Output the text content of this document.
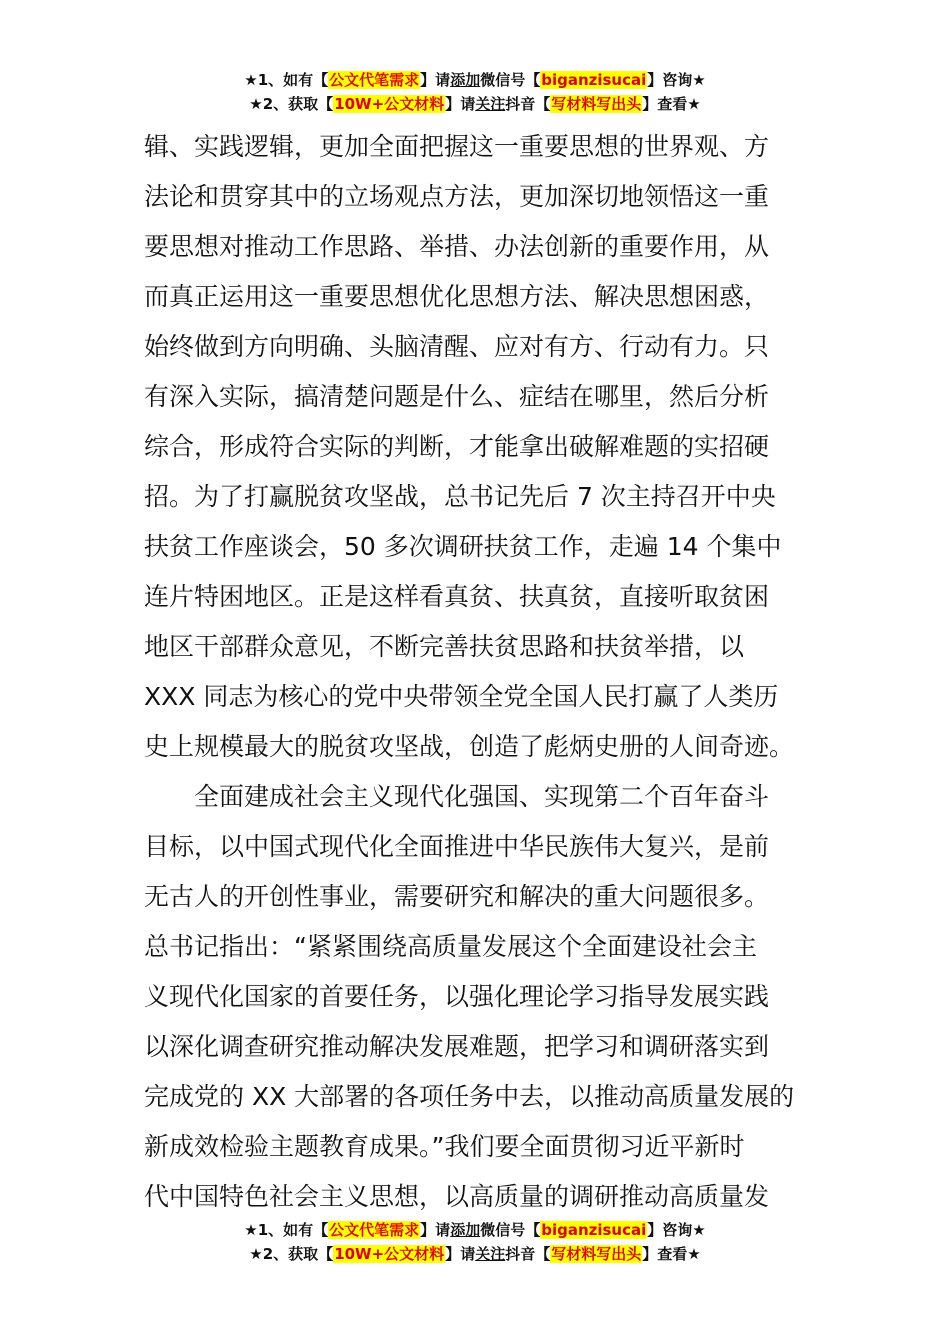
★1、如有【公文代笔需求】请添加微信号【biganzisucai】咨询★
★2、获取【10W+公文材料】请关注抖音【写材料写出头】查看★

辑、实践逻辑，更加全面把握这一重要思想的世界观、方
法论和贯穿其中的立场观点方法，更加深切地领悟这一重
要思想对推动工作思路、举措、办法创新的重要作用，从
而真正运用这一重要思想优化思想方法、解决思想困惑，
始终做到方向明确、头脑清醒、应对有方、行动有力。只
有深入实际，搞清楚问题是什么、症结在哪里，然后分析
综合，形成符合实际的判断，才能拿出破解难题的实招硬
招。为了打赢脱贫攻坚战，总书记先后 7 次主持召开中央
扶贫工作座谈会，50 多次调研扶贫工作，走遍 14 个集中
连片特困地区。正是这样看真贫、扶真贫，直接听取贫困
地区干部群众意见，不断完善扶贫思路和扶贫举措，以
XXX 同志为核心的党中央带领全党全国人民打赢了人类历
史上规模最大的脱贫攻坚战，创造了彪炳史册的人间奇迹。

全面建成社会主义现代化强国、实现第二个百年奋斗
目标，以中国式现代化全面推进中华民族伟大复兴，是前
无古人的开创性事业，需要研究和解决的重大问题很多。
总书记指出：“紧紧围绕高质量发展这个全面建设社会主
义现代化国家的首要任务，以强化理论学习指导发展实践
以深化调查研究推动解决发展难题，把学习和调研落实到
完成党的 XX 大部署的各项任务中去，以推动高质量发展的
新成效检验主题教育成果。”我们要全面贯彻习近平新时
代中国特色社会主义思想，以高质量的调研推动高质量发

★1、如有【公文代笔需求】请添加微信号【biganzisucai】咨询★
★2、获取【10W+公文材料】请关注抖音【写材料写出头】查看★
